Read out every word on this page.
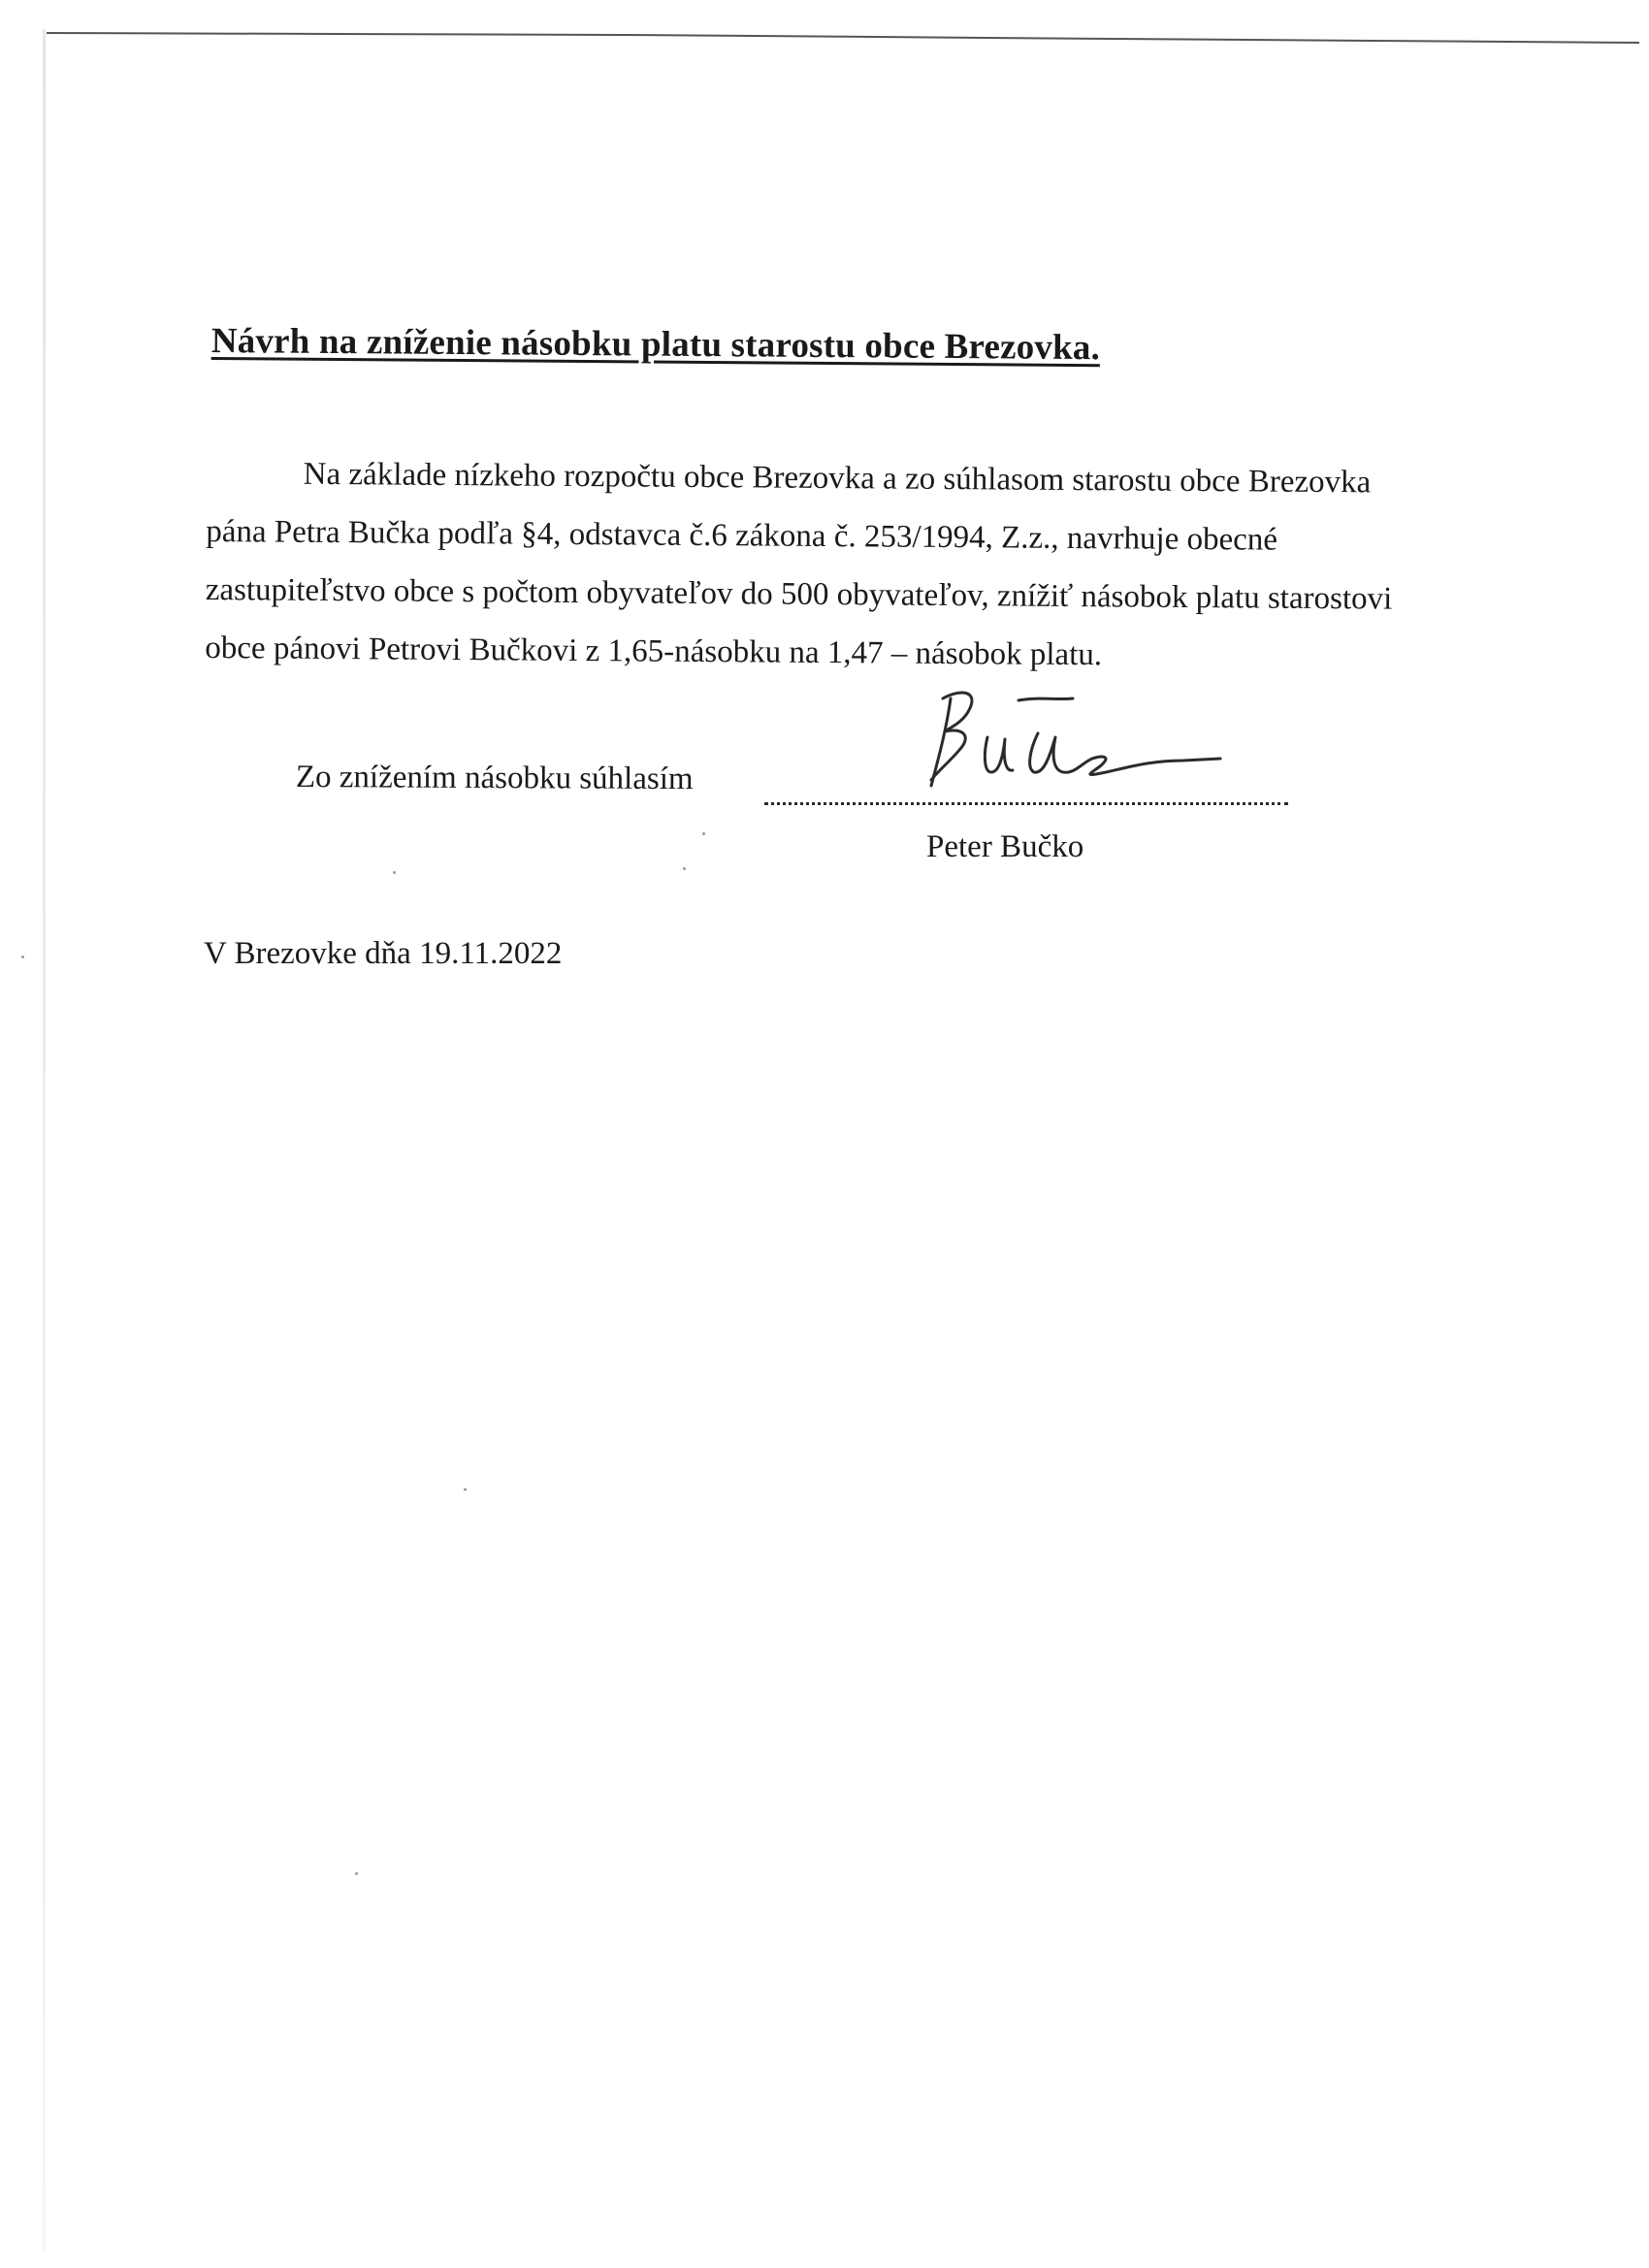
Návrh na zníženie násobku platu starostu obce Brezovka.
Na základe nízkeho rozpočtu obce Brezovka a zo súhlasom starostu obce Brezovka
pána Petra Bučka podľa §4, odstavca č.6 zákona č. 253/1994, Z.z., navrhuje obecné
zastupiteľstvo obce s počtom obyvateľov do 500 obyvateľov, znížiť násobok platu starostovi
obce pánovi Petrovi Bučkovi z 1,65-násobku na 1,47 – násobok platu.
Zo znížením násobku súhlasím
Peter Bučko
V Brezovke dňa 19.11.2022
